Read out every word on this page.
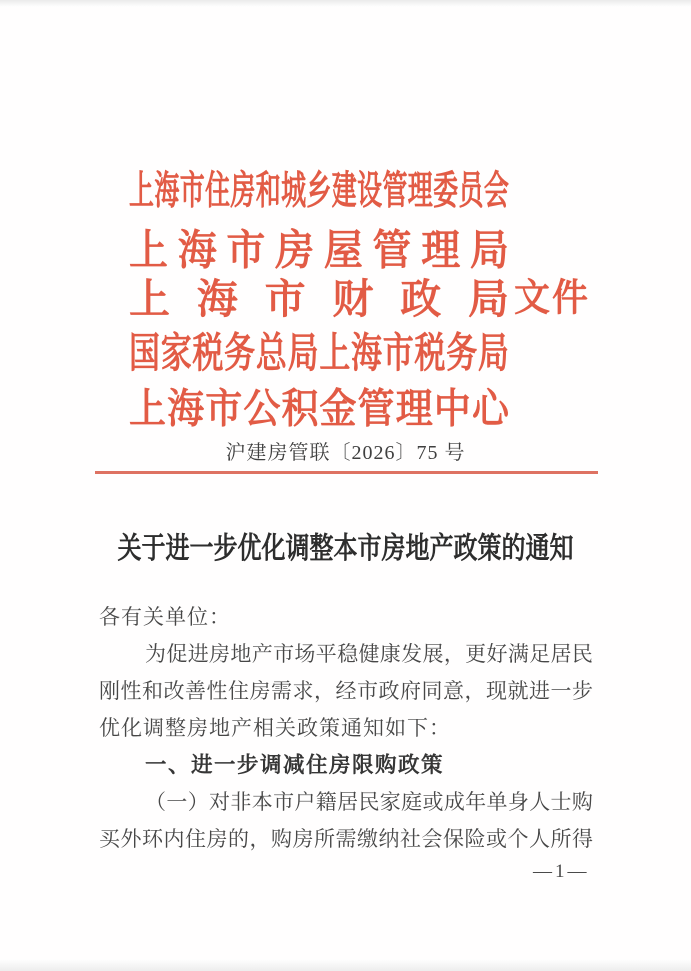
上 海 市 住 房 和 城 乡 建 设 管 理 委 员 会
上 海 市 房 屋 管 理 局
上 海 市 财 政 局 文 件
国 家 税 务 总 局 上 海 市 税 务 局
上 海 市 公 积 金 管 理 中 心
沪建房管联〔2026〕75 号
关于进一步优化调整本市房地产政策的通知
各有关单位：
为 促 进 房 地 产 市 场 平 稳 健 康 发 展 ， 更 好 满 足 居 民
刚 性 和 改 善 性 住 房 需 求 ， 经 市 政 府 同 意 ， 现 就 进 一 步
优化调整房地产相关政策通知如下：
一、进一步调减住房限购政策
（ 一 ） 对 非 本 市 户 籍 居 民 家 庭 或 成 年 单 身 人 士 购
买 外 环 内 住 房 的 ， 购 房 所 需 缴 纳 社 会 保 险 或 个 人 所 得
—1—
